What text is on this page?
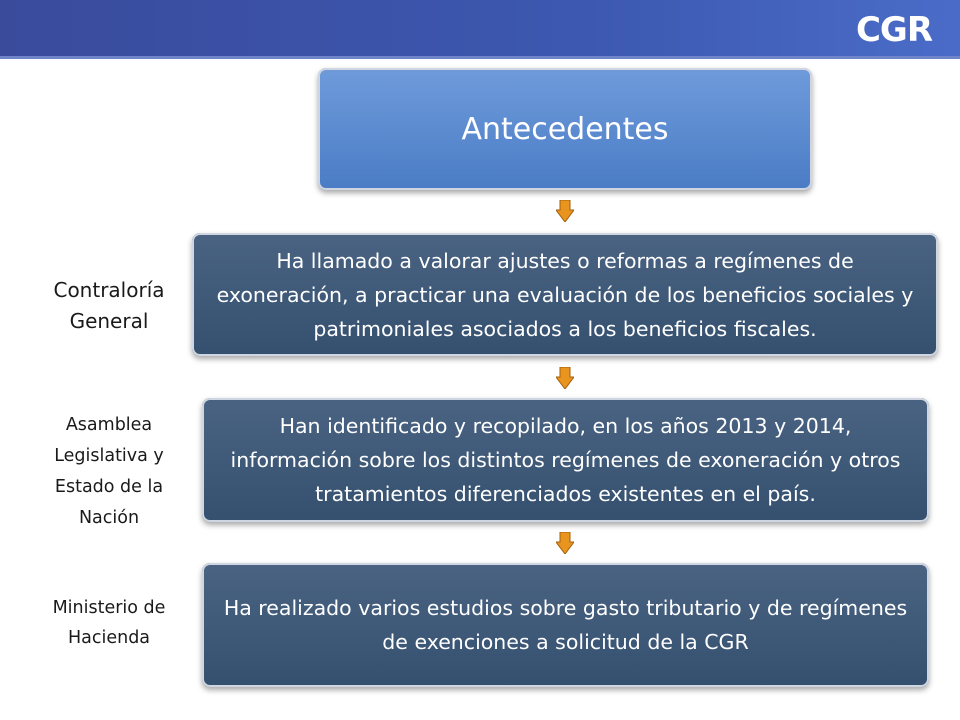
CGR
Antecedentes
Ha llamado a valorar ajustes o reformas a regímenes de exoneración, a practicar una evaluación de los beneficios sociales y patrimoniales asociados a los beneficios fiscales.
Contraloría General
Han identificado y recopilado, en los años 2013 y 2014, información sobre los distintos regímenes de exoneración y otros tratamientos diferenciados existentes en el país.
Asamblea Legislativa y Estado de la Nación
Ha realizado varios estudios sobre gasto tributario y de regímenes de exenciones a solicitud de la CGR
Ministerio de Hacienda
